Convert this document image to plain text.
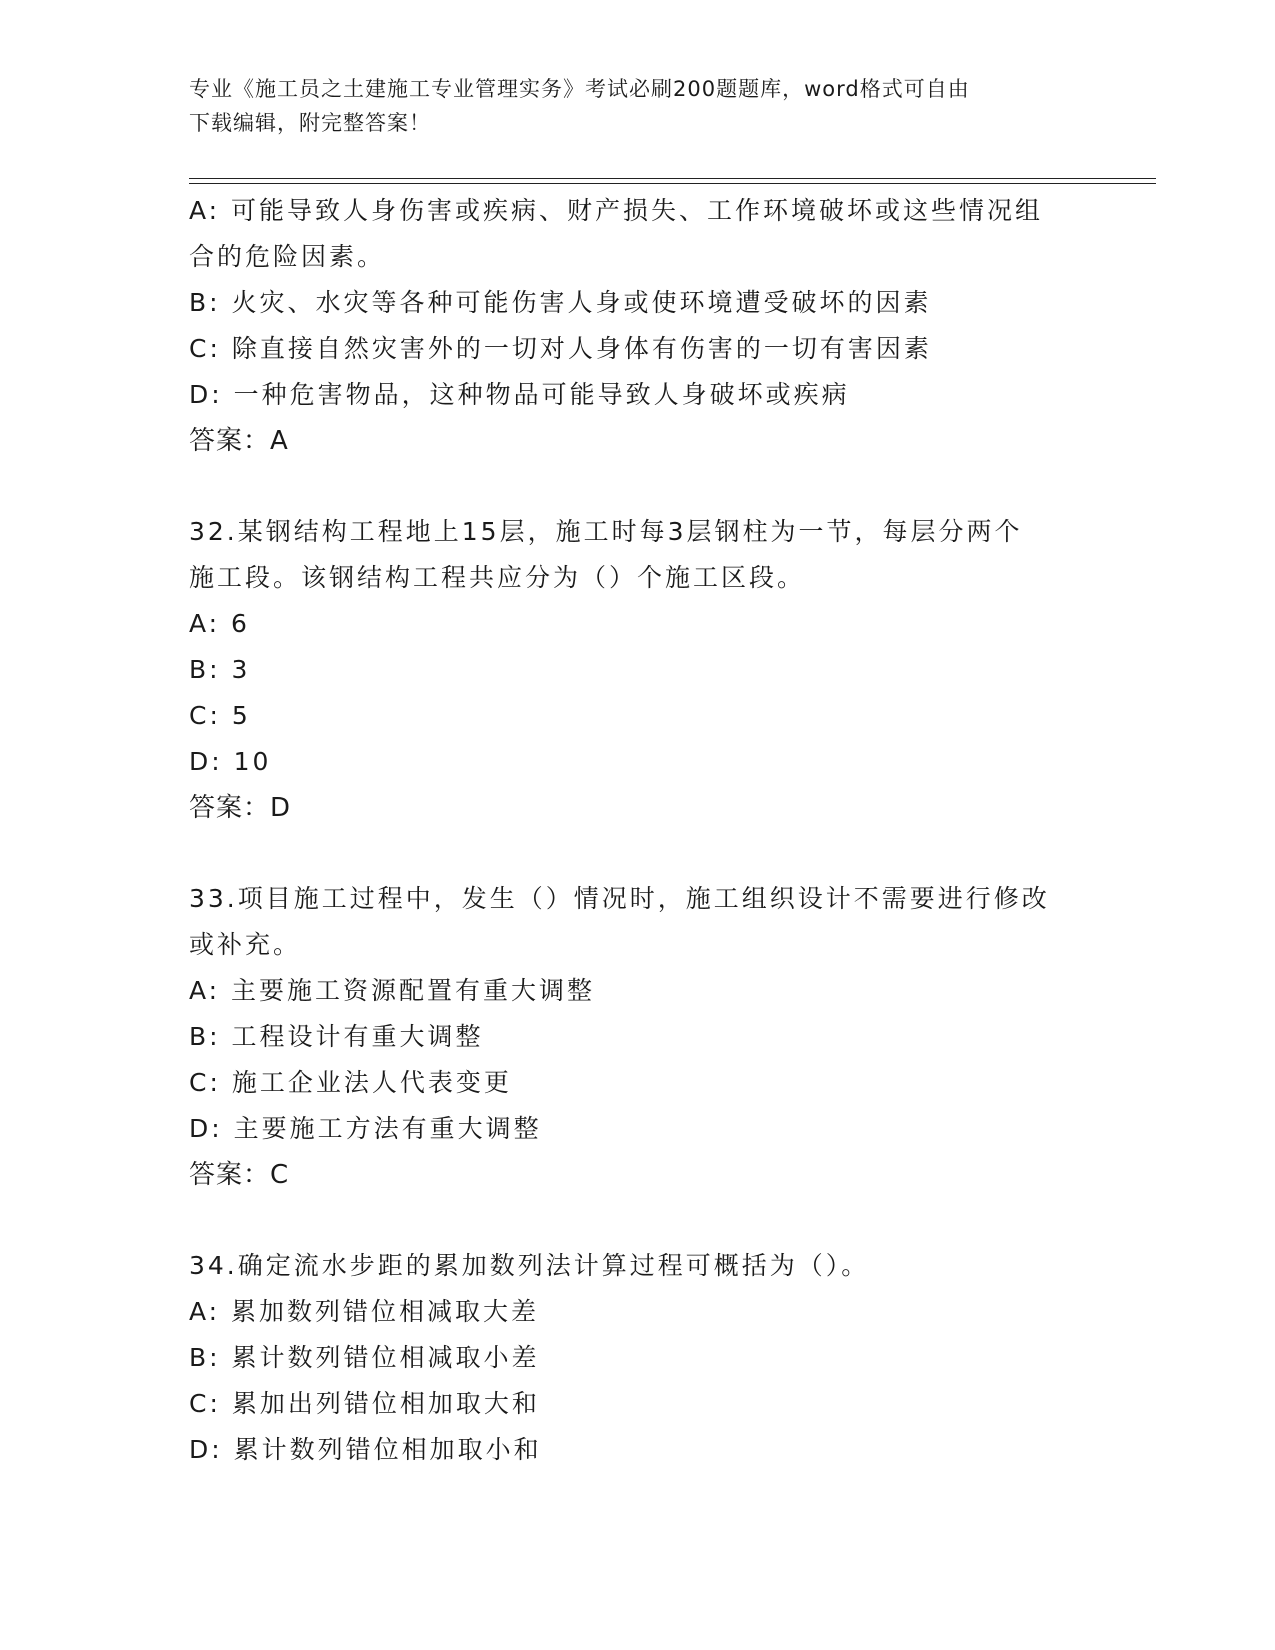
专业《施工员之土建施工专业管理实务》考试必刷200题题库，word格式可自由
下载编辑，附完整答案！
A: 可能导致人身伤害或疾病、财产损失、工作环境破坏或这些情况组
合的危险因素。
B: 火灾、水灾等各种可能伤害人身或使环境遭受破坏的因素
C: 除直接自然灾害外的一切对人身体有伤害的一切有害因素
D: 一种危害物品，这种物品可能导致人身破坏或疾病
答案：A
32.某钢结构工程地上15层，施工时每3层钢柱为一节，每层分两个
施工段。该钢结构工程共应分为（）个施工区段。
A: 6
B: 3
C: 5
D: 10
答案：D
33.项目施工过程中，发生（）情况时，施工组织设计不需要进行修改
或补充。
A: 主要施工资源配置有重大调整
B: 工程设计有重大调整
C: 施工企业法人代表变更
D: 主要施工方法有重大调整
答案：C
34.确定流水步距的累加数列法计算过程可概括为（）。
A: 累加数列错位相减取大差
B: 累计数列错位相减取小差
C: 累加出列错位相加取大和
D: 累计数列错位相加取小和
